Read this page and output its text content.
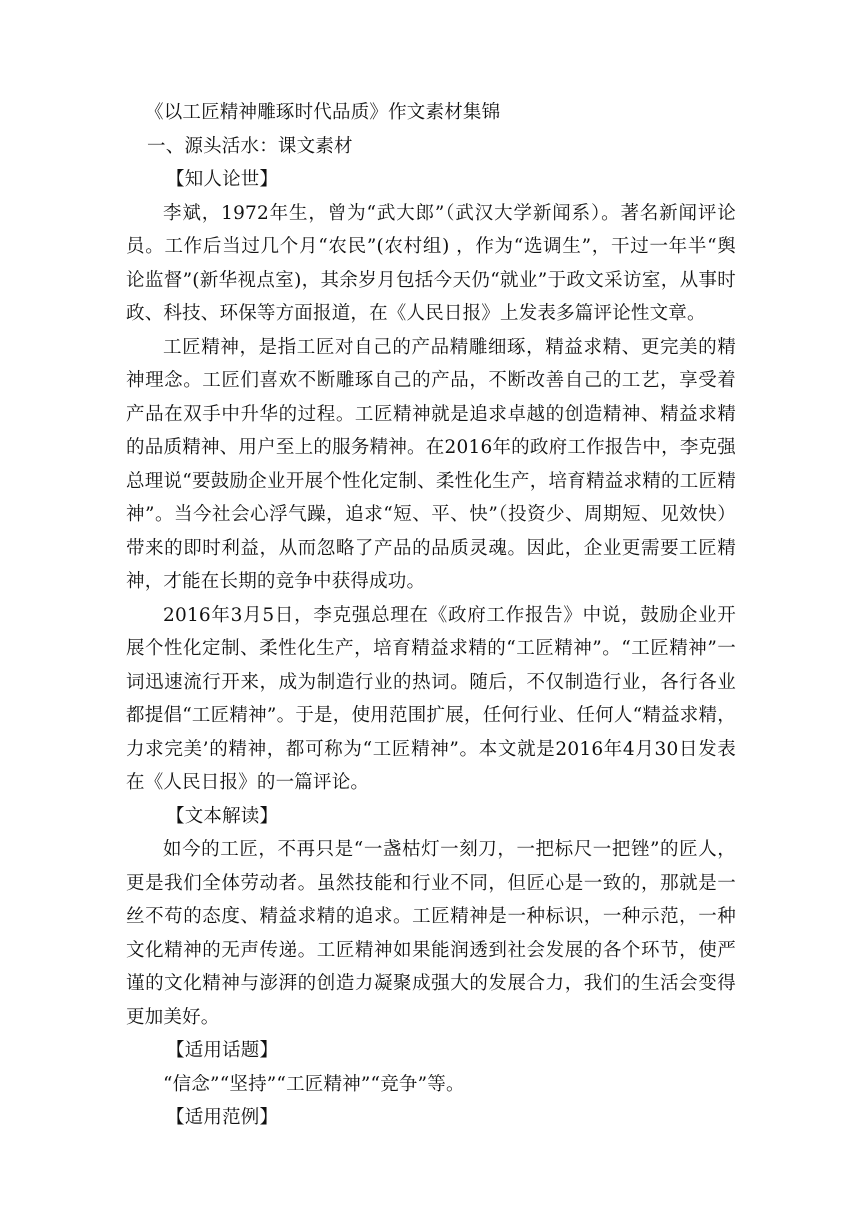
《以工匠精神雕琢时代品质》作文素材集锦

一、源头活水：课文素材

【知人论世】

李斌，1972年生，曾为“武大郎”（武汉大学新闻系）。著名新闻评论员。工作后当过几个月“农民”(农村组) ，作为“选调生”，干过一年半“舆论监督”(新华视点室)，其余岁月包括今天仍“就业”于政文采访室，从事时政、科技、环保等方面报道，在《人民日报》上发表多篇评论性文章。

工匠精神，是指工匠对自己的产品精雕细琢，精益求精、更完美的精神理念。工匠们喜欢不断雕琢自己的产品，不断改善自己的工艺，享受着产品在双手中升华的过程。工匠精神就是追求卓越的创造精神、精益求精的品质精神、用户至上的服务精神。在2016年的政府工作报告中，李克强总理说“要鼓励企业开展个性化定制、柔性化生产，培育精益求精的工匠精神”。当今社会心浮气躁，追求“短、平、快”（投资少、周期短、见效快）带来的即时利益，从而忽略了产品的品质灵魂。因此，企业更需要工匠精神，才能在长期的竞争中获得成功。

2016年3月5日，李克强总理在《政府工作报告》中说，鼓励企业开展个性化定制、柔性化生产，培育精益求精的“工匠精神”。“工匠精神”一词迅速流行开来，成为制造行业的热词。随后，不仅制造行业，各行各业都提倡“工匠精神”。于是，使用范围扩展，任何行业、任何人“精益求精，力求完美’的精神，都可称为“工匠精神”。本文就是2016年4月30日发表在《人民日报》的一篇评论。

【文本解读】

如今的工匠，不再只是“一盏枯灯一刻刀，一把标尺一把锉”的匠人，更是我们全体劳动者。虽然技能和行业不同，但匠心是一致的，那就是一丝不苟的态度、精益求精的追求。工匠精神是一种标识，一种示范，一种文化精神的无声传递。工匠精神如果能润透到社会发展的各个环节，使严谨的文化精神与澎湃的创造力凝聚成强大的发展合力，我们的生活会变得更加美好。

【适用话题】

“信念”“坚持”“工匠精神”“竞争”等。

【适用范例】
